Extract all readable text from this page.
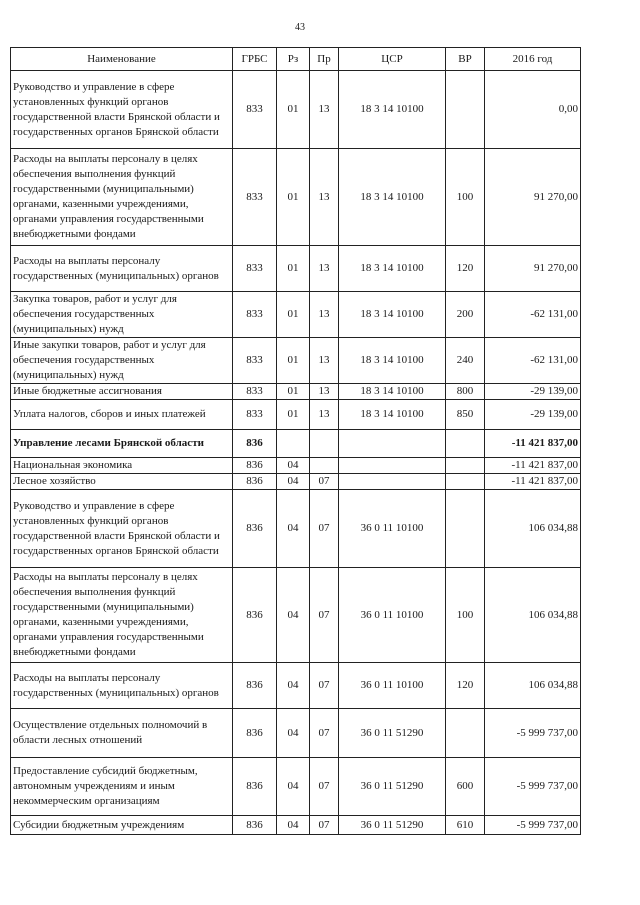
43
Наименование	ГРБС	Рз	Пр	ЦСР	ВР	2016 год
Руководство и управление в сфере установленных функций органов государственной власти Брянской области и государственных органов Брянской области	833	01	13	18 3 14 10100		0,00
Расходы на выплаты персоналу в целях обеспечения выполнения функций государственными (муниципальными) органами, казенными учреждениями, органами управления государственными внебюджетными фондами	833	01	13	18 3 14 10100	100	91 270,00
Расходы на выплаты персоналу государственных (муниципальных) органов	833	01	13	18 3 14 10100	120	91 270,00
Закупка товаров, работ и услуг для обеспечения государственных (муниципальных) нужд	833	01	13	18 3 14 10100	200	-62 131,00
Иные закупки товаров, работ и услуг для обеспечения государственных (муниципальных) нужд	833	01	13	18 3 14 10100	240	-62 131,00
Иные бюджетные ассигнования	833	01	13	18 3 14 10100	800	-29 139,00
Уплата налогов, сборов и иных платежей	833	01	13	18 3 14 10100	850	-29 139,00
Управление лесами Брянской области	836					-11 421 837,00
Национальная экономика	836	04				-11 421 837,00
Лесное хозяйство	836	04	07			-11 421 837,00
Руководство и управление в сфере установленных функций органов государственной власти Брянской области и государственных органов Брянской области	836	04	07	36 0 11 10100		106 034,88
Расходы на выплаты персоналу в целях обеспечения выполнения функций государственными (муниципальными) органами, казенными учреждениями, органами управления государственными внебюджетными фондами	836	04	07	36 0 11 10100	100	106 034,88
Расходы на выплаты персоналу государственных (муниципальных) органов	836	04	07	36 0 11 10100	120	106 034,88
Осуществление отдельных полномочий в области лесных отношений	836	04	07	36 0 11 51290		-5 999 737,00
Предоставление субсидий бюджетным, автономным учреждениям и иным некоммерческим организациям	836	04	07	36 0 11 51290	600	-5 999 737,00
Субсидии бюджетным учреждениям	836	04	07	36 0 11 51290	610	-5 999 737,00
